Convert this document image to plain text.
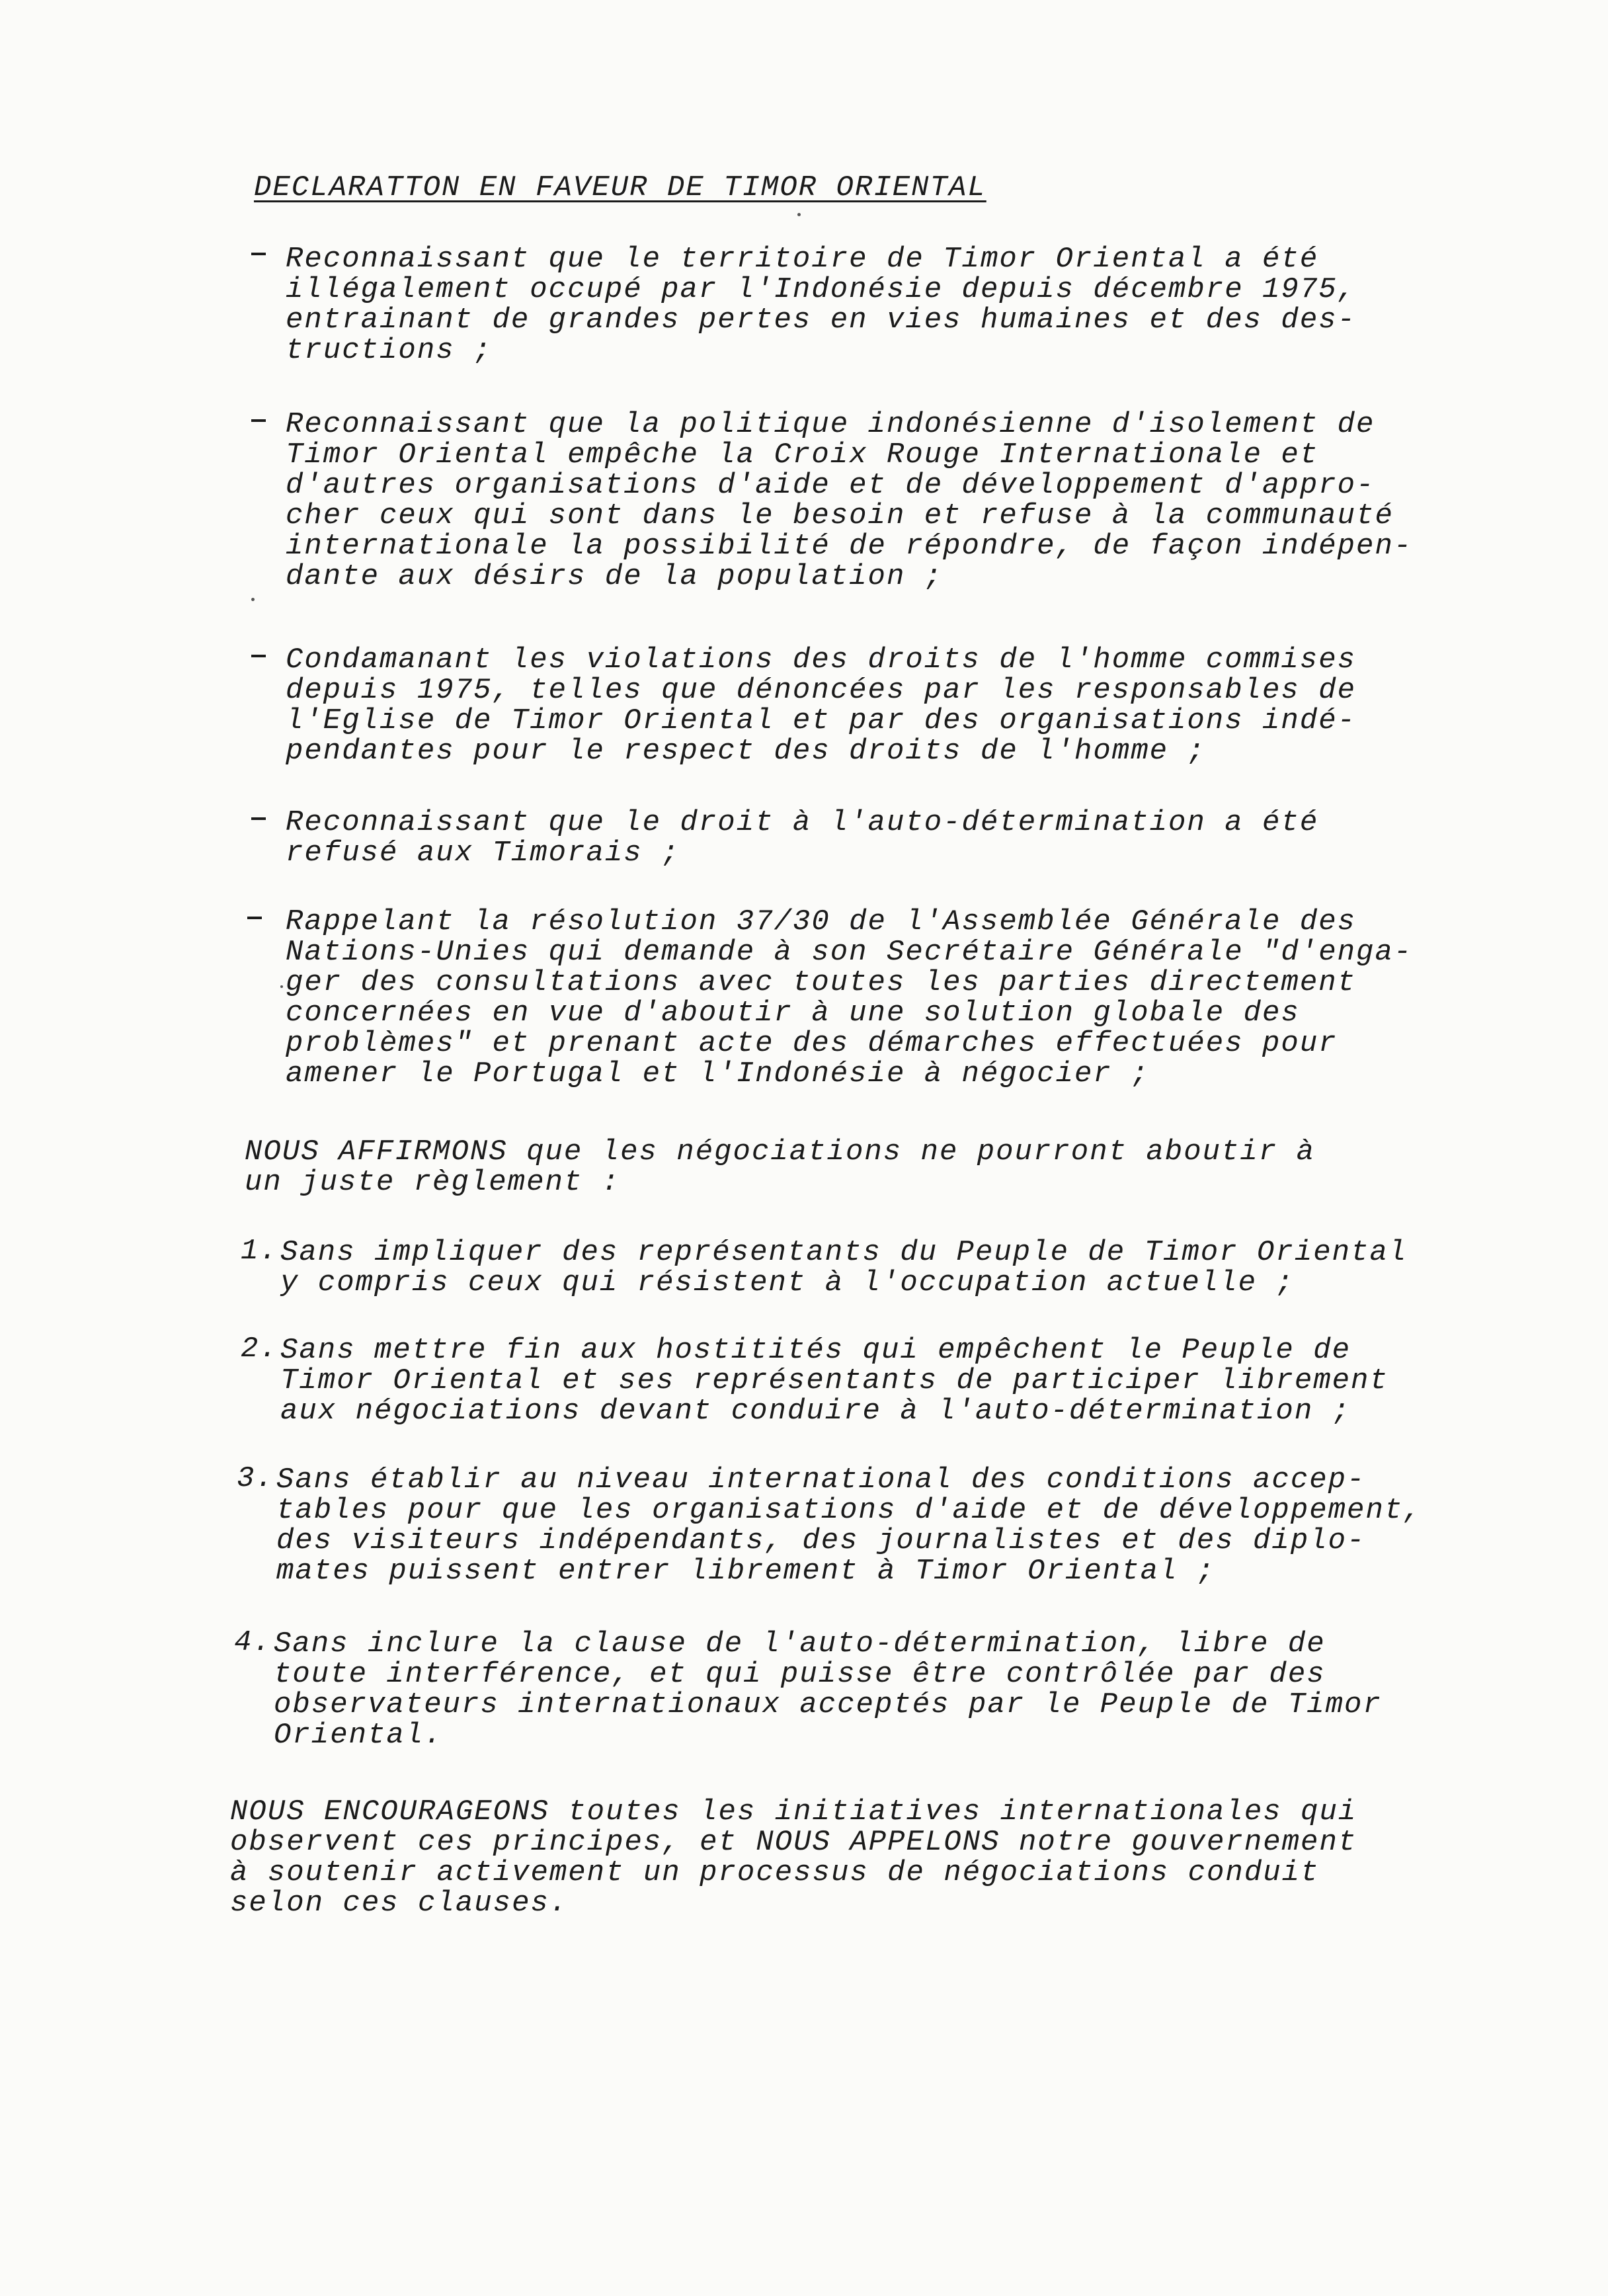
DECLARATTON EN FAVEUR DE TIMOR ORIENTAL
Reconnaissant que le territoire de Timor Oriental a été
illégalement occupé par l'Indonésie depuis décembre 1975,
entrainant de grandes pertes en vies humaines et des des-
tructions ;
Reconnaissant que la politique indonésienne d'isolement de
Timor Oriental empêche la Croix Rouge Internationale et
d'autres organisations d'aide et de développement d'appro-
cher ceux qui sont dans le besoin et refuse à la communauté
internationale la possibilité de répondre, de façon indépen-
dante aux désirs de la population ;
Condamanant les violations des droits de l'homme commises
depuis 1975, telles que dénoncées par les responsables de
l'Eglise de Timor Oriental et par des organisations indé-
pendantes pour le respect des droits de l'homme ;
Reconnaissant que le droit à l'auto-détermination a été
refusé aux Timorais ;
Rappelant la résolution 37/30 de l'Assemblée Générale des
Nations-Unies qui demande à son Secrétaire Générale "d'enga-
ger des consultations avec toutes les parties directement
concernées en vue d'aboutir à une solution globale des
problèmes" et prenant acte des démarches effectuées pour
amener le Portugal et l'Indonésie à négocier ;
NOUS AFFIRMONS que les négociations ne pourront aboutir à
un juste règlement :
1. Sans impliquer des représentants du Peuple de Timor Oriental
y compris ceux qui résistent à l'occupation actuelle ;
2. Sans mettre fin aux hostitités qui empêchent le Peuple de
Timor Oriental et ses représentants de participer librement
aux négociations devant conduire à l'auto-détermination ;
3. Sans établir au niveau international des conditions accep-
tables pour que les organisations d'aide et de développement,
des visiteurs indépendants, des journalistes et des diplo-
mates puissent entrer librement à Timor Oriental ;
4. Sans inclure la clause de l'auto-détermination, libre de
toute interférence, et qui puisse être contrôlée par des
observateurs internationaux acceptés par le Peuple de Timor
Oriental.
NOUS ENCOURAGEONS toutes les initiatives internationales qui
observent ces principes, et NOUS APPELONS notre gouvernement
à soutenir activement un processus de négociations conduit
selon ces clauses.
